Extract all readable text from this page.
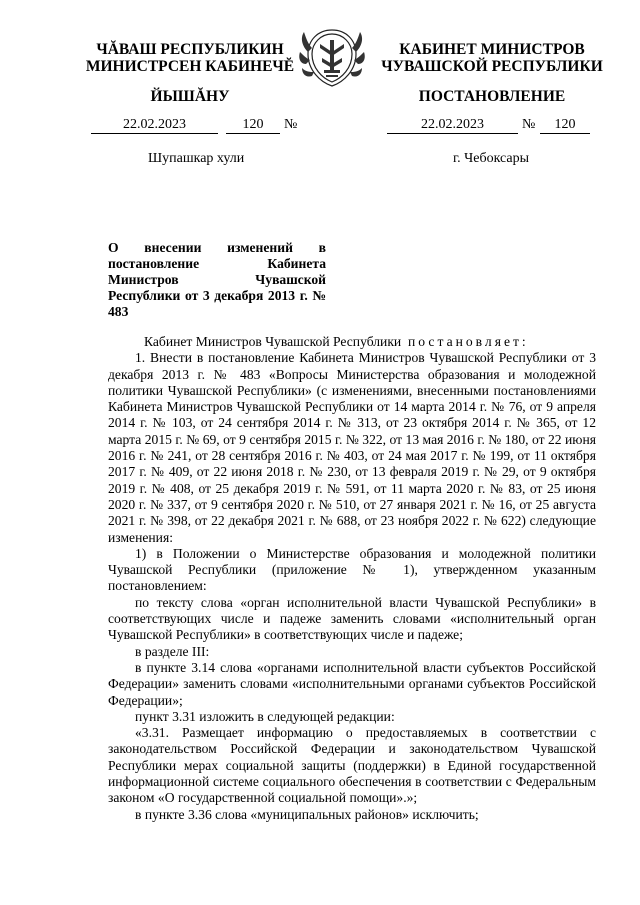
ЧĂВАШ РЕСПУБЛИКИН
МИНИСТРСЕН КАБИНЕЧĔ
ЙЫШĂНУ
КАБИНЕТ МИНИСТРОВ
ЧУВАШСКОЙ РЕСПУБЛИКИ
ПОСТАНОВЛЕНИЕ
22.02.2023	120	№	22.02.2023	№	120
Шупашкар хули	г. Чебоксары
О внесении изменений в постановление Кабинета Министров Чувашской Республики от 3 декабря 2013 г. № 483

Кабинет Министров Чувашской Республики постановляет:

1. Внести в постановление Кабинета Министров Чувашской Республики от 3 декабря 2013 г. № 483 «Вопросы Министерства образования и молодежной политики Чувашской Республики» (с изменениями, внесенными постановлениями Кабинета Министров Чувашской Республики от 14 марта 2014 г. № 76, от 9 апреля 2014 г. № 103, от 24 сентября 2014 г. № 313, от 23 октября 2014 г. № 365, от 12 марта 2015 г. № 69, от 9 сентября 2015 г. № 322, от 13 мая 2016 г. № 180, от 22 июня 2016 г. № 241, от 28 сентября 2016 г. № 403, от 24 мая 2017 г. № 199, от 11 октября 2017 г. № 409, от 22 июня 2018 г. № 230, от 13 февраля 2019 г. № 29, от 9 октября 2019 г. № 408, от 25 декабря 2019 г. № 591, от 11 марта 2020 г. № 83, от 25 июня 2020 г. № 337, от 9 сентября 2020 г. № 510, от 27 января 2021 г. № 16, от 25 августа 2021 г. № 398, от 22 декабря 2021 г. № 688, от 23 ноября 2022 г. № 622) следующие изменения:

1) в Положении о Министерстве образования и молодежной политики Чувашской Республики (приложение № 1), утвержденном указанным постановлением:

по тексту слова «орган исполнительной власти Чувашской Республики» в соответствующих числе и падеже заменить словами «исполнительный орган Чувашской Республики» в соответствующих числе и падеже;

в разделе III:

в пункте 3.14 слова «органами исполнительной власти субъектов Российской Федерации» заменить словами «исполнительными органами субъектов Российской Федерации»;

пункт 3.31 изложить в следующей редакции:

«3.31. Размещает информацию о предоставляемых в соответствии с законодательством Российской Федерации и законодательством Чувашской Республики мерах социальной защиты (поддержки) в Единой государственной информационной системе социального обеспечения в соответствии с Федеральным законом «О государственной социальной помощи».»;

в пункте 3.36 слова «муниципальных районов» исключить;
